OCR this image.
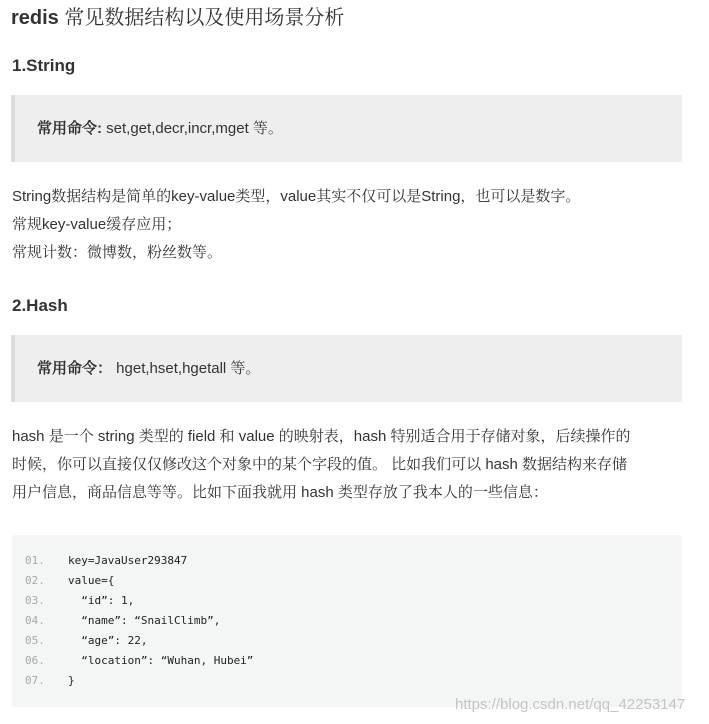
redis 常见数据结构以及使用场景分析
1.String
常用命令: set,get,decr,incr,mget 等。
String数据结构是简单的key-value类型，value其实不仅可以是String，也可以是数字。
常规key-value缓存应用；
常规计数：微博数，粉丝数等。
2.Hash
常用命令： hget,hset,hgetall 等。
hash 是一个 string 类型的 field 和 value 的映射表，hash 特别适合用于存储对象，后续操作的
时候，你可以直接仅仅修改这个对象中的某个字段的值。 比如我们可以 hash 数据结构来存储
用户信息，商品信息等等。比如下面我就用 hash 类型存放了我本人的一些信息：
01. key=JavaUser293847
02. value={
03. “id”: 1,
04. “name”: “SnailClimb”,
05. “age”: 22,
06. “location”: “Wuhan, Hubei”
07. }
https://blog.csdn.net/qq_42253147
